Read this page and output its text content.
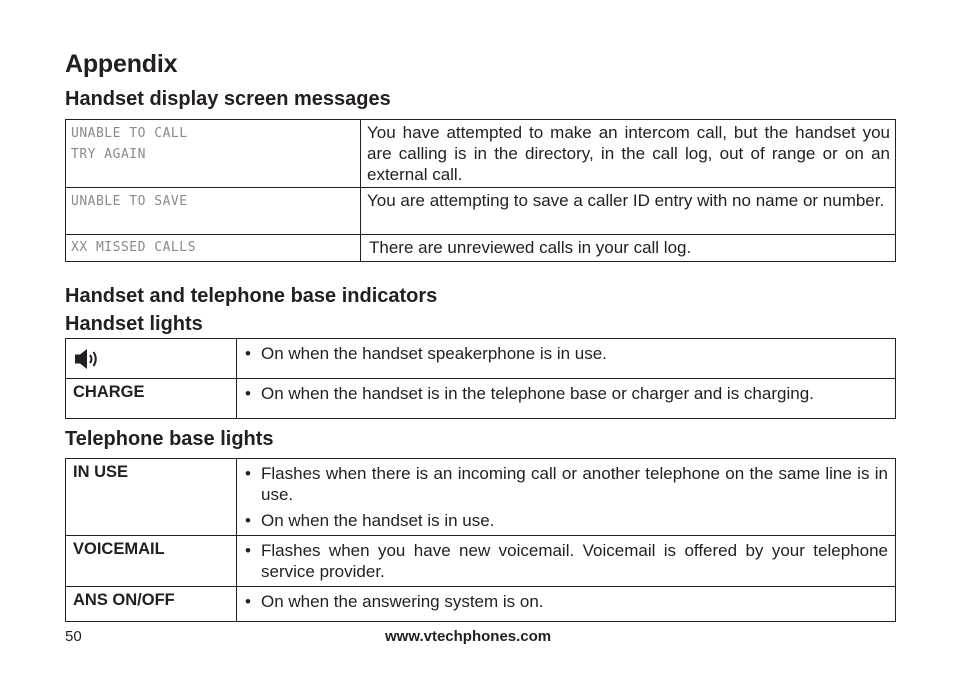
Appendix
Handset display screen messages
UNABLE TO CALL
TRY AGAIN	You have attempted to make an intercom call, but the handset you are calling is in the directory, in the call log, out of range or on an external call.

UNABLE TO SAVE	You are attempting to save a caller ID entry with no name or number.

XX MISSED CALLS	There are unreviewed calls in your call log.
Handset and telephone base indicators
Handset lights

• On when the handset speakerphone is in use.

CHARGE	• On when the handset is in the telephone base or charger and is charging.
Telephone base lights
IN USE	• Flashes when there is an incoming call or another telephone on the same line is in use.
• On when the handset is in use.

VOICEMAIL	• Flashes when you have new voicemail. Voicemail is offered by your telephone service provider.

ANS ON/OFF	• On when the answering system is on.
50	www.vtechphones.com
